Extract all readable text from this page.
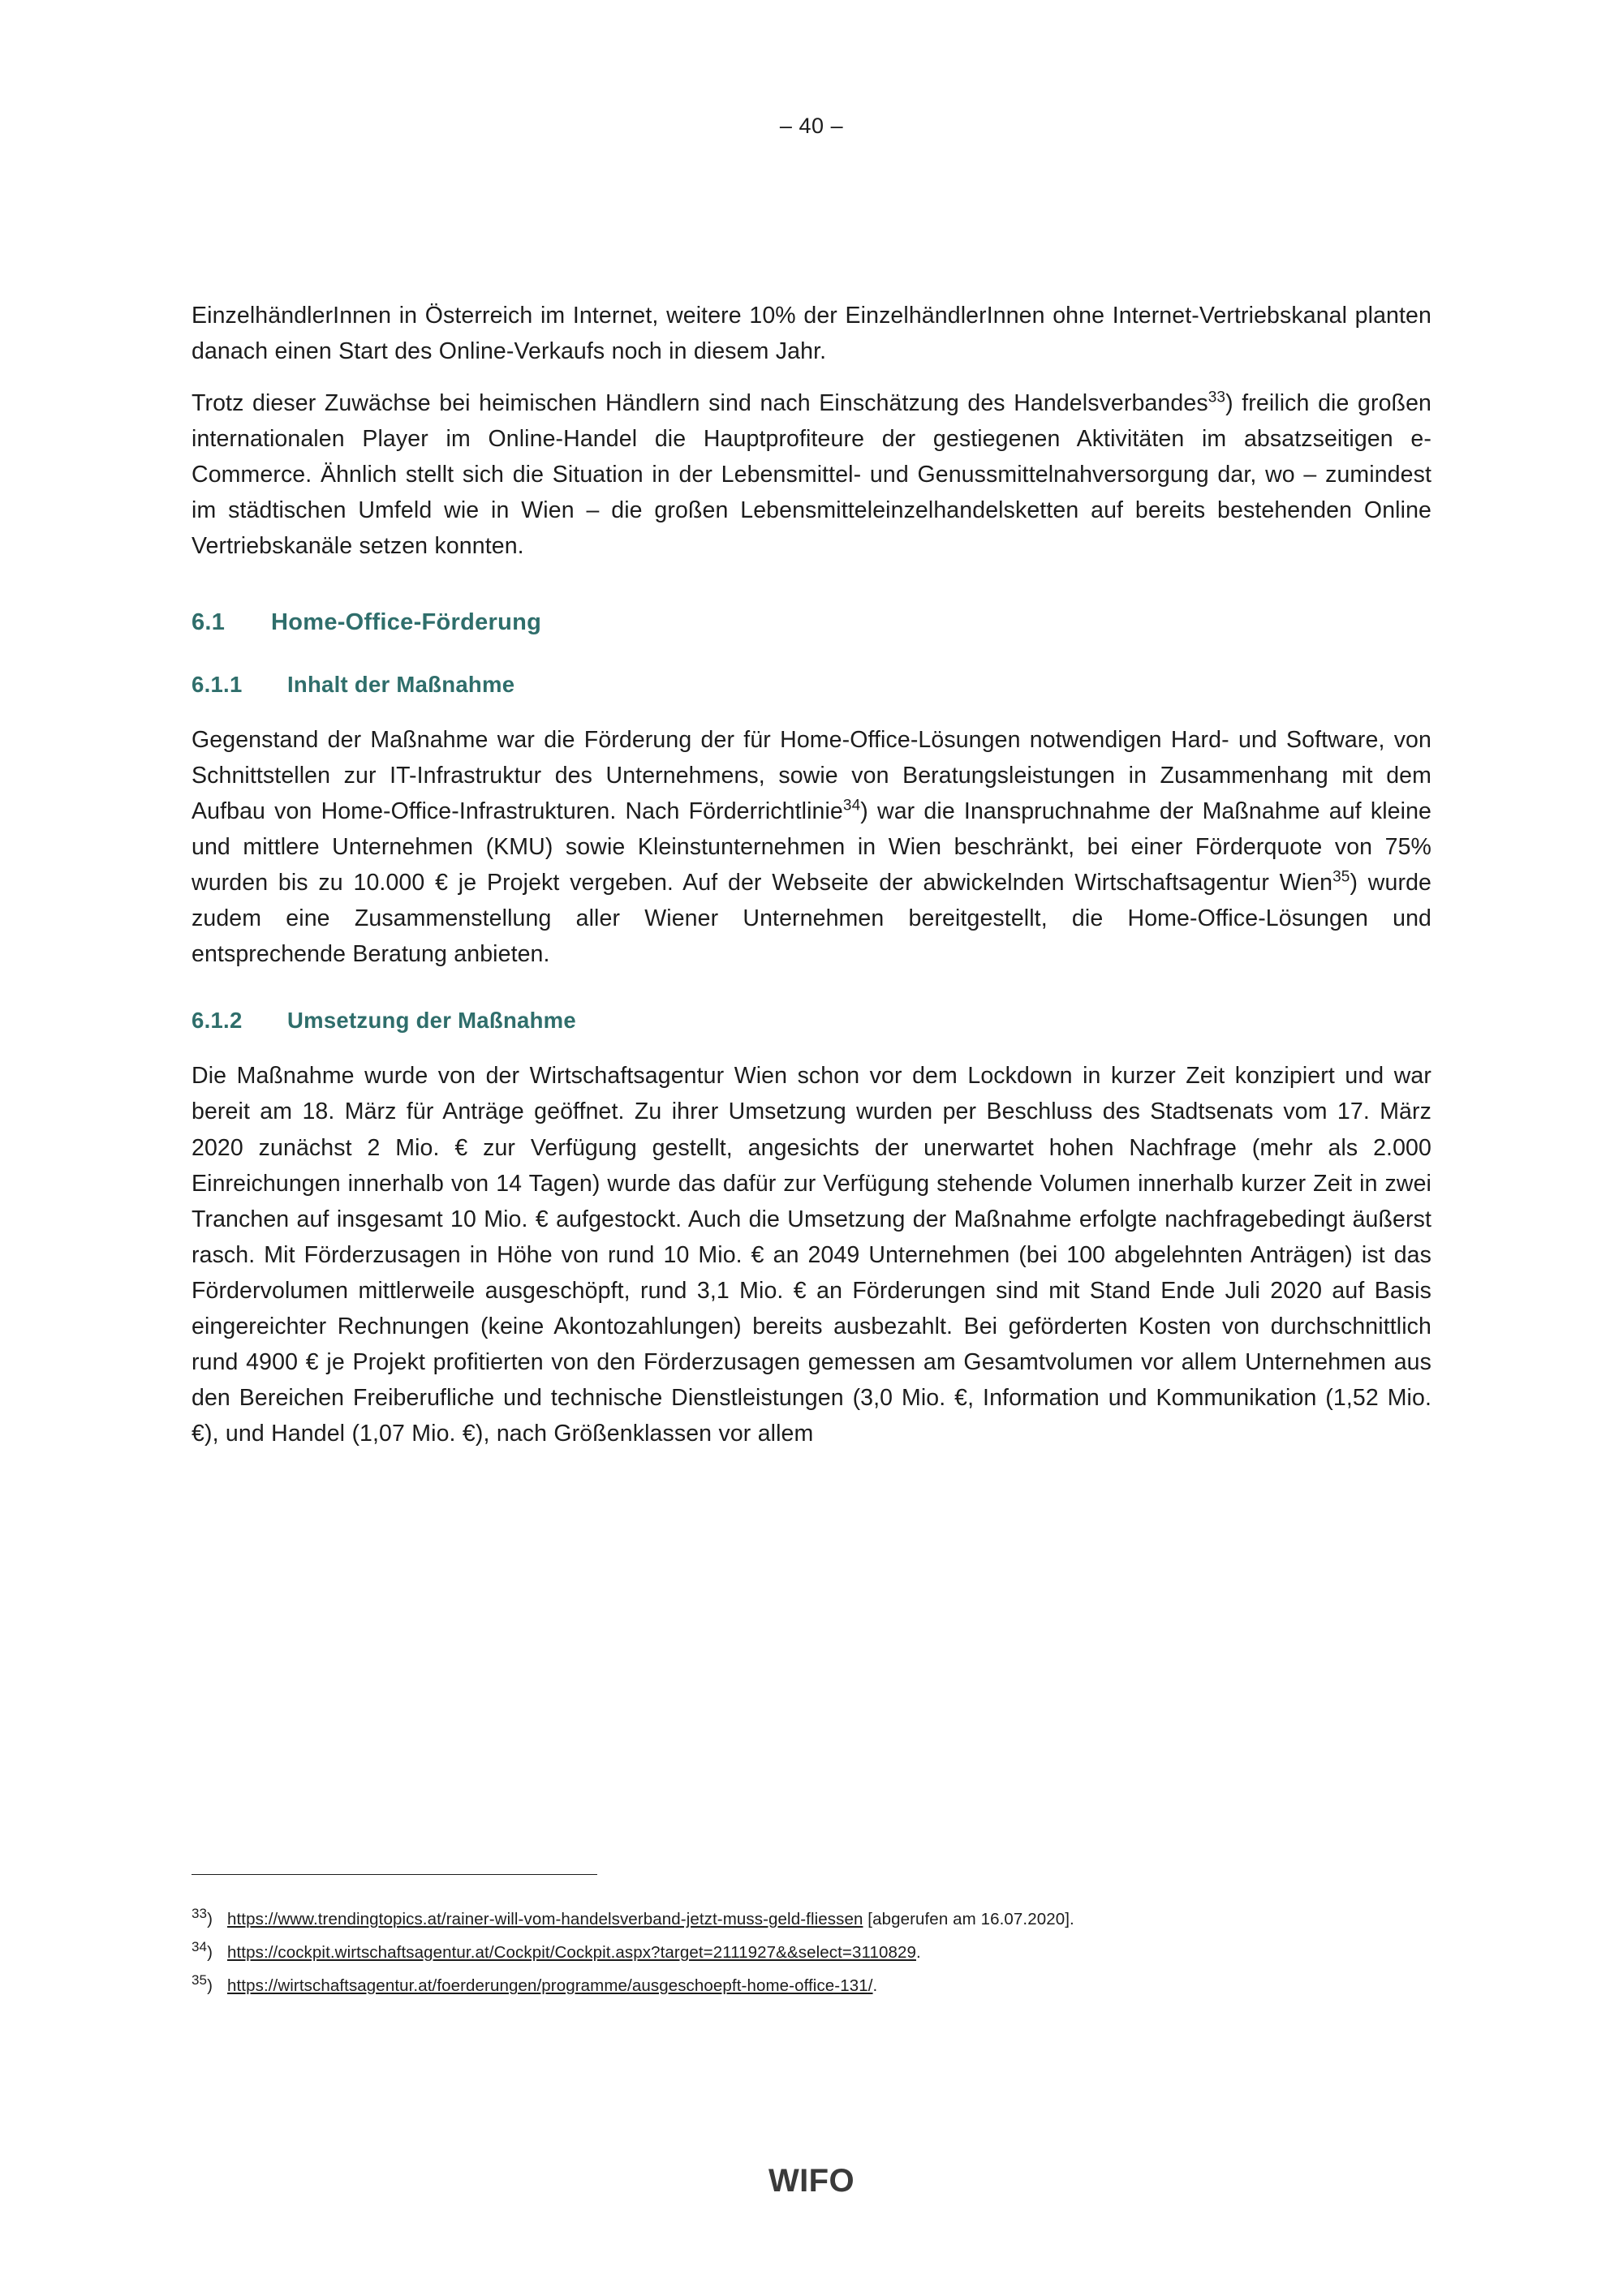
– 40 –

EinzelhändlerInnen in Österreich im Internet, weitere 10% der EinzelhändlerInnen ohne Internet-Vertriebskanal planten danach einen Start des Online-Verkaufs noch in diesem Jahr.

Trotz dieser Zuwächse bei heimischen Händlern sind nach Einschätzung des Handelsverbandes$^{33}$) freilich die großen internationalen Player im Online-Handel die Hauptprofiteure der gestiegenen Aktivitäten im absatzseitigen e-Commerce. Ähnlich stellt sich die Situation in der Lebensmittel- und Genussmittelnahversorgung dar, wo – zumindest im städtischen Umfeld wie in Wien – die großen Lebensmitteleinzelhandelsketten auf bereits bestehenden Online Vertriebskanäle setzen konnten.

6.1	Home-Office-Förderung
6.1.1	Inhalt der Maßnahme

Gegenstand der Maßnahme war die Förderung der für Home-Office-Lösungen notwendigen Hard- und Software, von Schnittstellen zur IT-Infrastruktur des Unternehmens, sowie von Beratungsleistungen in Zusammenhang mit dem Aufbau von Home-Office-Infrastrukturen. Nach Förderrichtlinie$^{34}$) war die Inanspruchnahme der Maßnahme auf kleine und mittlere Unternehmen (KMU) sowie Kleinstunternehmen in Wien beschränkt, bei einer Förderquote von 75% wurden bis zu 10.000 € je Projekt vergeben. Auf der Webseite der abwickelnden Wirtschaftsagentur Wien$^{35}$) wurde zudem eine Zusammenstellung aller Wiener Unternehmen bereitgestellt, die Home-Office-Lösungen und entsprechende Beratung anbieten.

6.1.2	Umsetzung der Maßnahme

Die Maßnahme wurde von der Wirtschaftsagentur Wien schon vor dem Lockdown in kurzer Zeit konzipiert und war bereit am 18. März für Anträge geöffnet. Zu ihrer Umsetzung wurden per Beschluss des Stadtsenats vom 17. März 2020 zunächst 2 Mio. € zur Verfügung gestellt, angesichts der unerwartet hohen Nachfrage (mehr als 2.000 Einreichungen innerhalb von 14 Tagen) wurde das dafür zur Verfügung stehende Volumen innerhalb kurzer Zeit in zwei Tranchen auf insgesamt 10 Mio. € aufgestockt. Auch die Umsetzung der Maßnahme erfolgte nachfragebedingt äußerst rasch. Mit Förderzusagen in Höhe von rund 10 Mio. € an 2049 Unternehmen (bei 100 abgelehnten Anträgen) ist das Fördervolumen mittlerweile ausgeschöpft, rund 3,1 Mio. € an Förderungen sind mit Stand Ende Juli 2020 auf Basis eingereichter Rechnungen (keine Akontozahlungen) bereits ausbezahlt. Bei geförderten Kosten von durchschnittlich rund 4900 € je Projekt profitierten von den Förderzusagen gemessen am Gesamtvolumen vor allem Unternehmen aus den Bereichen Freiberufliche und technische Dienstleistungen (3,0 Mio. €, Information und Kommunikation (1,52 Mio. €), und Handel (1,07 Mio. €), nach Größenklassen vor allem

$^{33}$) https://www.trendingtopics.at/rainer-will-vom-handelsverband-jetzt-muss-geld-fliessen [abgerufen am 16.07.2020].
$^{34}$) https://cockpit.wirtschaftsagentur.at/Cockpit/Cockpit.aspx?target=2111927&&select=3110829.
$^{35}$) https://wirtschaftsagentur.at/foerderungen/programme/ausgeschoepft-home-office-131/.
WIFO
